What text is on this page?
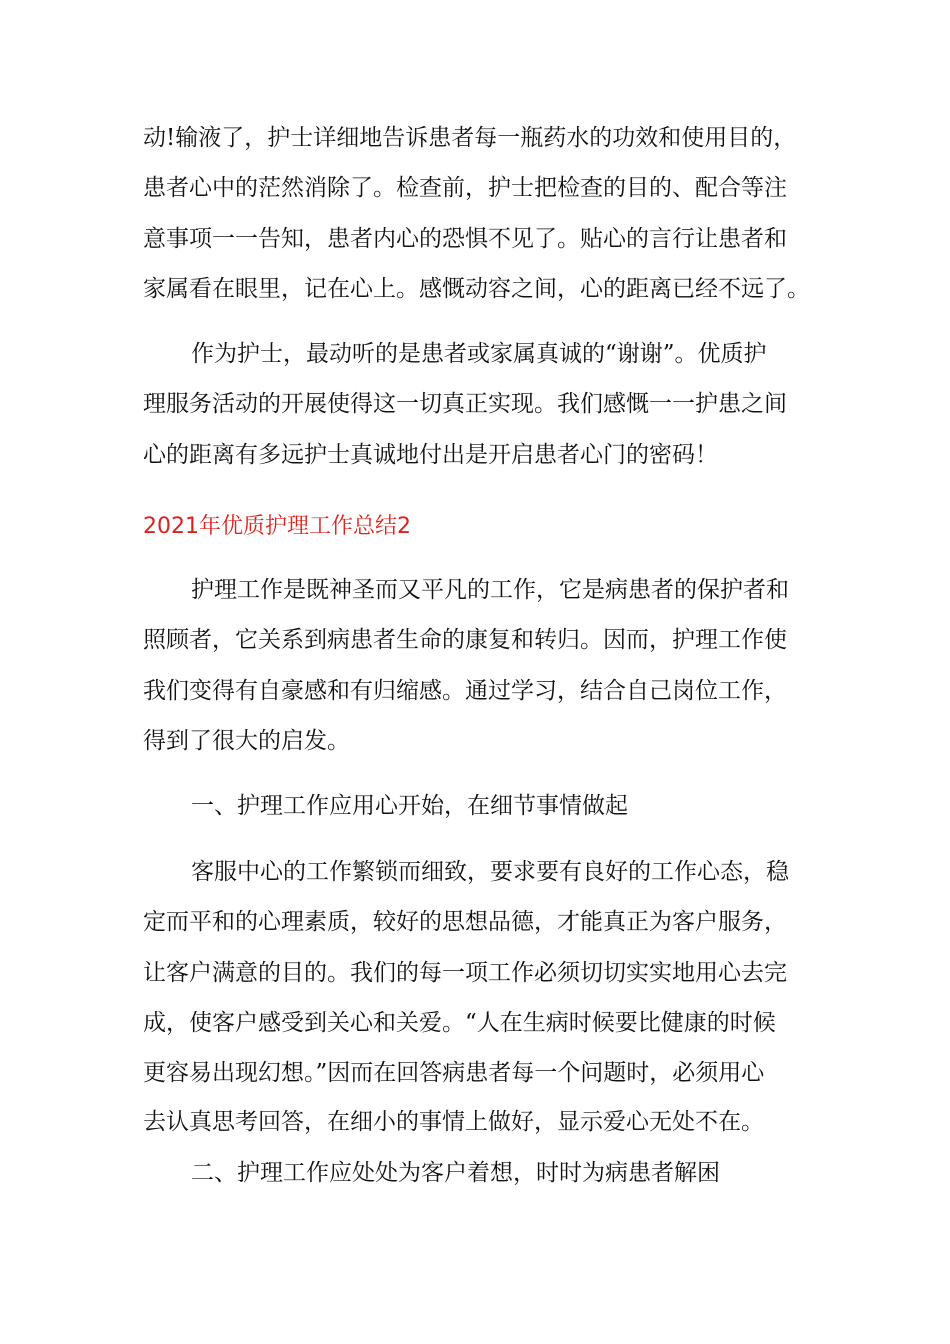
动!输液了，护士详细地告诉患者每一瓶药水的功效和使用目的，
患者心中的茫然消除了。检查前，护士把检查的目的、配合等注
意事项一一告知，患者内心的恐惧不见了。贴心的言行让患者和
家属看在眼里，记在心上。感慨动容之间，心的距离已经不远了。
作为护士，最动听的是患者或家属真诚的“谢谢”。优质护
理服务活动的开展使得这一切真正实现。我们感慨一一护患之间
心的距离有多远护士真诚地付出是开启患者心门的密码！
2021年优质护理工作总结2
护理工作是既神圣而又平凡的工作，它是病患者的保护者和
照顾者，它关系到病患者生命的康复和转归。因而，护理工作使
我们变得有自豪感和有归缩感。通过学习，结合自己岗位工作，
得到了很大的启发。
一、护理工作应用心开始，在细节事情做起
客服中心的工作繁锁而细致，要求要有良好的工作心态，稳
定而平和的心理素质，较好的思想品德，才能真正为客户服务，
让客户满意的目的。我们的每一项工作必须切切实实地用心去完
成，使客户感受到关心和关爱。“人在生病时候要比健康的时候
更容易出现幻想。”因而在回答病患者每一个问题时，必须用心
去认真思考回答，在细小的事情上做好，显示爱心无处不在。
二、护理工作应处处为客户着想，时时为病患者解困
